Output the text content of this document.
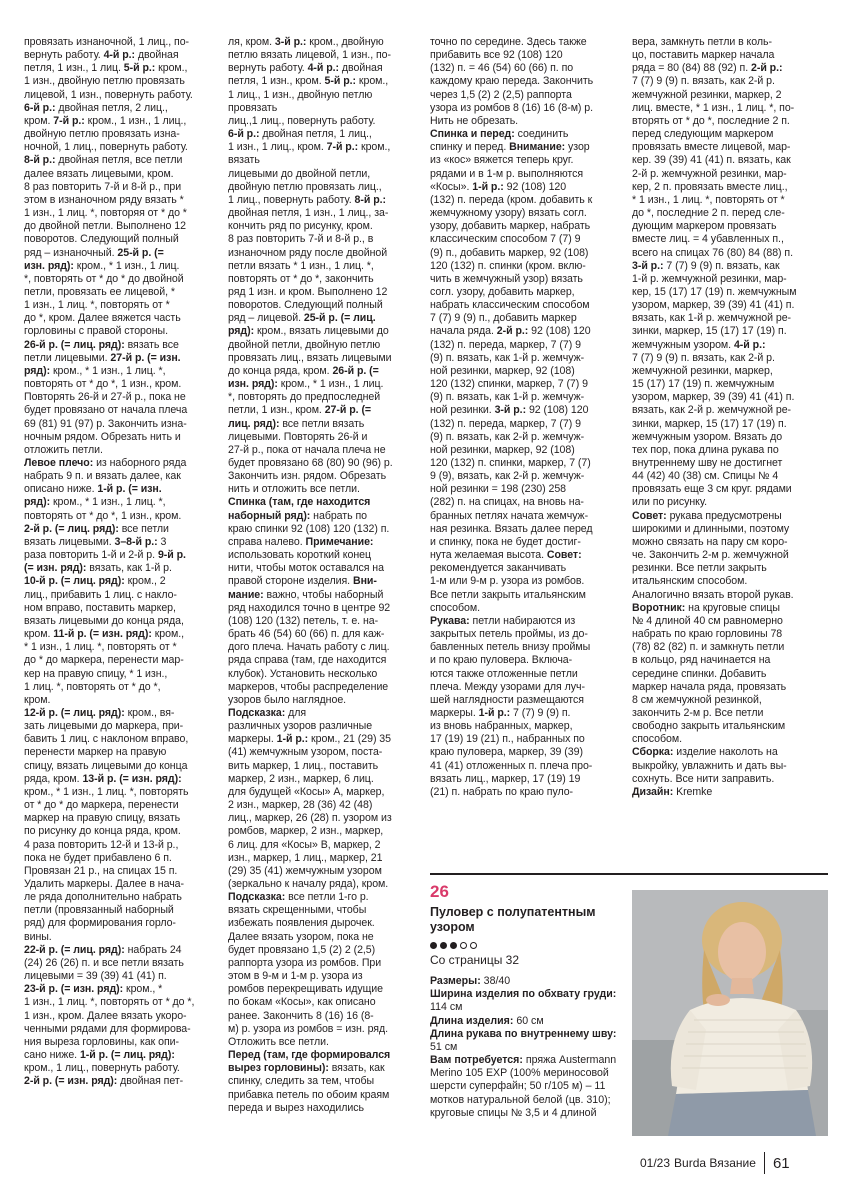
провязать изнаночной, 1 лиц., по-

вернуть работу. 4-й р.: двойная

петля, 1 изн., 1 лиц. 5-й р.: кром.,

1 изн., двойную петлю провязать

лицевой, 1 изн., повернуть работу.

6-й р.: двойная петля, 2 лиц.,

кром. 7-й р.: кром., 1 изн., 1 лиц.,

двойную петлю провязать изна-

ночной, 1 лиц., повернуть работу.

8-й р.: двойная петля, все петли

далее вязать лицевыми, кром.

8 раз повторить 7-й и 8-й р., при

этом в изнаночном ряду вязать *

1 изн., 1 лиц. *, повторяя от * до *

до двойной петли. Выполнено 12

поворотов. Следующий полный

ряд – изнаночный. 25-й р. (=

изн. ряд): кром., * 1 изн., 1 лиц.

*, повторять от * до * до двойной

петли, провязать ее лицевой, *

1 изн., 1 лиц. *, повторять от *

до *, кром. Далее вяжется часть

горловины с правой стороны.

26-й р. (= лиц. ряд): вязать все

петли лицевыми. 27-й р. (= изн.

ряд): кром., * 1 изн., 1 лиц. *,

повторять от * до *, 1 изн., кром.

Повторять 26-й и 27-й р., пока не

будет провязано от начала плеча

69 (81) 91 (97) р. Закончить изна-

ночным рядом. Обрезать нить и

отложить петли.

Левое плечо: из наборного ряда

набрать 9 п. и вязать далее, как

описано ниже. 1-й р. (= изн.

ряд): кром., * 1 изн., 1 лиц. *,

повторять от * до *, 1 изн., кром.

2-й р. (= лиц. ряд): все петли

вязать лицевыми. 3–8-й р.: 3

раза повторить 1-й и 2-й р. 9-й р.

(= изн. ряд): вязать, как 1-й р.

10-й р. (= лиц. ряд): кром., 2

лиц., прибавить 1 лиц. с накло-

ном вправо, поставить маркер,

вязать лицевыми до конца ряда,

кром. 11-й р. (= изн. ряд): кром.,

* 1 изн., 1 лиц. *, повторять от *

до * до маркера, перенести мар-

кер на правую спицу, * 1 изн.,

1 лиц. *, повторять от * до *,

кром.

12-й р. (= лиц. ряд): кром., вя-

зать лицевыми до маркера, при-

бавить 1 лиц. с наклоном вправо,

перенести маркер на правую

спицу, вязать лицевыми до конца

ряда, кром. 13-й р. (= изн. ряд):

кром., * 1 изн., 1 лиц. *, повторять

от * до * до маркера, перенести

маркер на правую спицу, вязать

по рисунку до конца ряда, кром.

4 раза повторить 12-й и 13-й р.,

пока не будет прибавлено 6 п.

Провязан 21 р., на спицах 15 п.

Удалить маркеры. Далее в нача-

ле ряда дополнительно набрать

петли (провязанный наборный

ряд) для формирования горло-

вины.

22-й р. (= лиц. ряд): набрать 24

(24) 26 (26) п. и все петли вязать

лицевыми = 39 (39) 41 (41) п.

23-й р. (= изн. ряд): кром., *

1 изн., 1 лиц. *, повторять от * до *,

1 изн., кром. Далее вязать укоро-

ченными рядами для формирова-

ния выреза горловины, как опи-

сано ниже. 1-й р. (= лиц. ряд):

кром., 1 лиц., повернуть работу.

2-й р. (= изн. ряд): двойная пет-

ля, кром. 3-й р.: кром., двойную

петлю вязать лицевой, 1 изн., по-

вернуть работу. 4-й р.: двойная

петля, 1 изн., кром. 5-й р.: кром.,

1 лиц., 1 изн., двойную петлю провязать

лиц.,1 лиц., повернуть работу.

6-й р.: двойная петля, 1 лиц.,

1 изн., 1 лиц., кром. 7-й р.: кром., вязать

лицевыми до двойной петли,

двойную петлю провязать лиц.,

1 лиц., повернуть работу. 8-й р.:

двойная петля, 1 изн., 1 лиц., за-

кончить ряд по рисунку, кром.

8 раз повторить 7-й и 8-й р., в

изнаночном ряду после двойной

петли вязать * 1 изн., 1 лиц. *,

повторять от * до *, закончить

ряд 1 изн. и кром. Выполнено 12

поворотов. Следующий полный

ряд – лицевой. 25-й р. (= лиц.

ряд): кром., вязать лицевыми до

двойной петли, двойную петлю

провязать лиц., вязать лицевыми

до конца ряда, кром. 26-й р. (=

изн. ряд): кром., * 1 изн., 1 лиц.

*, повторять до предпоследней

петли, 1 изн., кром. 27-й р. (=

лиц. ряд): все петли вязать

лицевыми. Повторять 26-й и

27-й р., пока от начала плеча не

будет провязано 68 (80) 90 (96) р.

Закончить изн. рядом. Обрезать

нить и отложить все петли.

Спинка (там, где находится

наборный ряд): набрать по

краю спинки 92 (108) 120 (132) п.

справа налево. Примечание:

использовать короткий конец

нити, чтобы моток оставался на

правой стороне изделия. Вни-

мание: важно, чтобы наборный

ряд находился точно в центре 92

(108) 120 (132) петель, т. е. на-

брать 46 (54) 60 (66) п. для каж-

дого плеча. Начать работу с лиц.

ряда справа (там, где находится

клубок). Установить несколько

маркеров, чтобы распределение

узоров было наглядное.

Подсказка: для

различных узоров различные

маркеры. 1-й р.: кром., 21 (29) 35

(41) жемчужным узором, поста-

вить маркер, 1 лиц., поставить

маркер, 2 изн., маркер, 6 лиц.

для будущей «Косы» А, маркер,

2 изн., маркер, 28 (36) 42 (48)

лиц., маркер, 26 (28) п. узором из

ромбов, маркер, 2 изн., маркер,

6 лиц. для «Косы» В, маркер, 2

изн., маркер, 1 лиц., маркер, 21

(29) 35 (41) жемчужным узором

(зеркально к началу ряда), кром.

Подсказка: все петли 1-го р.

вязать скрещенными, чтобы

избежать появления дырочек.

Далее вязать узором, пока не

будет провязано 1,5 (2) 2 (2,5)

раппорта узора из ромбов. При

этом в 9-м и 1-м р. узора из

ромбов перекрещивать идущие

по бокам «Косы», как описано

ранее. Закончить 8 (16) 16 (8-

м) р. узора из ромбов = изн. ряд.

Отложить все петли.

Перед (там, где формировался

вырез горловины): вязать, как

спинку, следить за тем, чтобы

прибавка петель по обоим краям

переда и вырез находились

точно по середине. Здесь также

прибавить все 92 (108) 120

(132) п. = 46 (54) 60 (66) п. по

каждому краю переда. Закончить

через 1,5 (2) 2 (2,5) раппорта

узора из ромбов 8 (16) 16 (8-м) р.

Нить не обрезать.

Спинка и перед: соединить

спинку и перед. Внимание: узор

из «кос» вяжется теперь круг.

рядами и в 1-м р. выполняются

«Косы». 1-й р.: 92 (108) 120

(132) п. переда (кром. добавить к

жемчужному узору) вязать согл.

узору, добавить маркер, набрать

классическим способом 7 (7) 9

(9) п., добавить маркер, 92 (108)

120 (132) п. спинки (кром. вклю-

чить в жемчужный узор) вязать

согл. узору, добавить маркер,

набрать классическим способом

7 (7) 9 (9) п., добавить маркер

начала ряда. 2-й р.: 92 (108) 120

(132) п. переда, маркер, 7 (7) 9

(9) п. вязать, как 1-й р. жемчуж-

ной резинки, маркер, 92 (108)

120 (132) спинки, маркер, 7 (7) 9

(9) п. вязать, как 1-й р. жемчуж-

ной резинки. 3-й р.: 92 (108) 120

(132) п. переда, маркер, 7 (7) 9

(9) п. вязать, как 2-й р. жемчуж-

ной резинки, маркер, 92 (108)

120 (132) п. спинки, маркер, 7 (7)

9 (9), вязать, как 2-й р. жемчуж-

ной резинки = 198 (230) 258

(282) п. на спицах, на вновь на-

бранных петлях начата жемчуж-

ная резинка. Вязать далее перед

и спинку, пока не будет достиг-

нута желаемая высота. Совет:

рекомендуется заканчивать

1-м или 9-м р. узора из ромбов.

Все петли закрыть итальянским

способом.

Рукава: петли набираются из

закрытых петель проймы, из до-

бавленных петель внизу проймы

и по краю пуловера. Включа-

ются также отложенные петли

плеча. Между узорами для луч-

шей наглядности размещаются

маркеры. 1-й р.: 7 (7) 9 (9) п.

из вновь набранных, маркер,

17 (19) 19 (21) п., набранных по

краю пуловера, маркер, 39 (39)

41 (41) отложенных п. плеча про-

вязать лиц., маркер, 17 (19) 19

(21) п. набрать по краю пуло-

вера, замкнуть петли в коль-

цо, поставить маркер начала

ряда = 80 (84) 88 (92) п. 2-й р.:

7 (7) 9 (9) п. вязать, как 2-й р.

жемчужной резинки, маркер, 2

лиц. вместе, * 1 изн., 1 лиц. *, по-

вторять от * до *, последние 2 п.

перед следующим маркером

провязать вместе лицевой, мар-

кер. 39 (39) 41 (41) п. вязать, как

2-й р. жемчужной резинки, мар-

кер, 2 п. провязать вместе лиц.,

* 1 изн., 1 лиц. *, повторять от *

до *, последние 2 п. перед сле-

дующим маркером провязать

вместе лиц. = 4 убавленных п.,

всего на спицах 76 (80) 84 (88) п.

3-й р.: 7 (7) 9 (9) п. вязать, как

1-й р. жемчужной резинки, мар-

кер, 15 (17) 17 (19) п. жемчужным

узором, маркер, 39 (39) 41 (41) п.

вязать, как 1-й р. жемчужной ре-

зинки, маркер, 15 (17) 17 (19) п.

жемчужным узором. 4-й р.:

7 (7) 9 (9) п. вязать, как 2-й р.

жемчужной резинки, маркер,

15 (17) 17 (19) п. жемчужным

узором, маркер, 39 (39) 41 (41) п.

вязать, как 2-й р. жемчужной ре-

зинки, маркер, 15 (17) 17 (19) п.

жемчужным узором. Вязать до

тех пор, пока длина рукава по

внутреннему шву не достигнет

44 (42) 40 (38) см. Спицы № 4

провязать еще 3 см круг. рядами

или по рисунку.

Совет: рукава предусмотрены

широкими и длинными, поэтому

можно связать на пару см коро-

че. Закончить 2-м р. жемчужной

резинки. Все петли закрыть

итальянским способом.

Аналогично вязать второй рукав.

Воротник: на круговые спицы

№ 4 длиной 40 см равномерно

набрать по краю горловины 78

(78) 82 (82) п. и замкнуть петли

в кольцо, ряд начинается на

середине спинки. Добавить

маркер начала ряда, провязать

8 см жемчужной резинкой,

закончить 2-м р. Все петли

свободно закрыть итальянским

способом.

Сборка: изделие наколоть на

выкройку, увлажнить и дать вы-

сохнуть. Все нити заправить.

Дизайн: Kremke

26
Пуловер с полупатентным узором
Со страницы 32

Размеры: 38/40

Ширина изделия по обхвату груди: 114 см

Длина изделия: 60 см

Длина рукава по внутреннему шву: 51 см

Вам потребуется: пряжа Austermann Merino 105 EXP (100% мериносовой шерсти суперфайн; 50 г/105 м) – 11 мотков натуральной белой (цв. 310); круговые спицы № 3,5 и 4 длиной

01/23 Burda Вязание 61
